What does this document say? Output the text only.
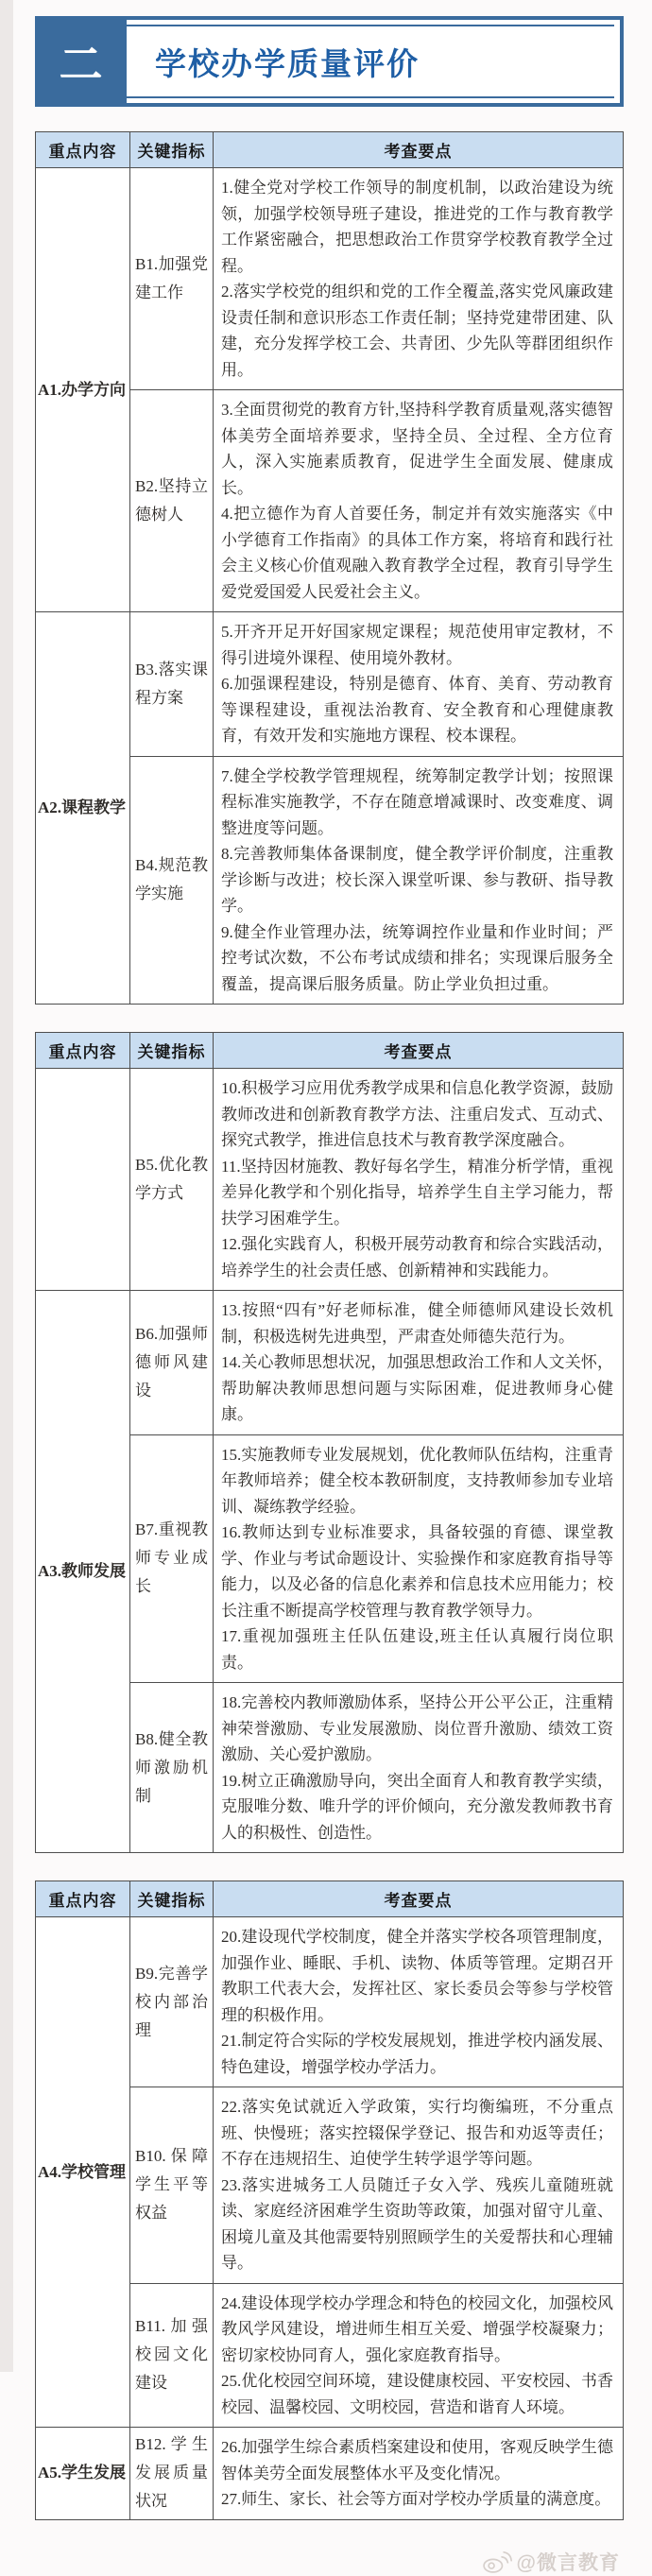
二 学校办学质量评价
重点内容	关键指标	考查要点
A1.办学方向	B1.加强党建工作	1.健全党对学校工作领导的制度机制，以政治建设为统领，加强学校领导班子建设，推进党的工作与教育教学工作紧密融合，把思想政治工作贯穿学校教育教学全过程。

2.落实学校党的组织和党的工作全覆盖,落实党风廉政建设责任制和意识形态工作责任制；坚持党建带团建、队建，充分发挥学校工会、共青团、少先队等群团组织作用。

	B2.坚持立德树人	3.全面贯彻党的教育方针,坚持科学教育质量观,落实德智体美劳全面培养要求，坚持全员、全过程、全方位育人，深入实施素质教育，促进学生全面发展、健康成长。

4.把立德作为育人首要任务，制定并有效实施落实《中小学德育工作指南》的具体工作方案，将培育和践行社会主义核心价值观融入教育教学全过程，教育引导学生爱党爱国爱人民爱社会主义。

A2.课程教学	B3.落实课程方案	5.开齐开足开好国家规定课程；规范使用审定教材，不得引进境外课程、使用境外教材。

6.加强课程建设，特别是德育、体育、美育、劳动教育等课程建设，重视法治教育、安全教育和心理健康教育，有效开发和实施地方课程、校本课程。

	B4.规范教学实施	7.健全学校教学管理规程，统筹制定教学计划；按照课程标准实施教学，不存在随意增减课时、改变难度、调整进度等问题。

8.完善教师集体备课制度，健全教学评价制度，注重教学诊断与改进；校长深入课堂听课、参与教研、指导教学。

9.健全作业管理办法，统筹调控作业量和作业时间；严控考试次数，不公布考试成绩和排名；实现课后服务全覆盖，提高课后服务质量。防止学业负担过重。

重点内容	关键指标	考查要点
	B5.优化教学方式	10.积极学习应用优秀教学成果和信息化教学资源，鼓励教师改进和创新教育教学方法、注重启发式、互动式、探究式教学，推进信息技术与教育教学深度融合。

11.坚持因材施教、教好每名学生，精准分析学情，重视差异化教学和个别化指导，培养学生自主学习能力，帮扶学习困难学生。

12.强化实践育人，积极开展劳动教育和综合实践活动，培养学生的社会责任感、创新精神和实践能力。

A3.教师发展	B6.加强师德师风建设	13.按照“四有”好老师标准，健全师德师风建设长效机制，积极选树先进典型，严肃查处师德失范行为。

14.关心教师思想状况，加强思想政治工作和人文关怀，帮助解决教师思想问题与实际困难，促进教师身心健康。

	B7.重视教师专业成长	15.实施教师专业发展规划，优化教师队伍结构，注重青年教师培养；健全校本教研制度，支持教师参加专业培训、凝练教学经验。

16.教师达到专业标准要求，具备较强的育德、课堂教学、作业与考试命题设计、实验操作和家庭教育指导等能力，以及必备的信息化素养和信息技术应用能力；校长注重不断提高学校管理与教育教学领导力。

17.重视加强班主任队伍建设,班主任认真履行岗位职责。

	B8.健全教师激励机制	18.完善校内教师激励体系，坚持公开公平公正，注重精神荣誉激励、专业发展激励、岗位晋升激励、绩效工资激励、关心爱护激励。

19.树立正确激励导向，突出全面育人和教育教学实绩，克服唯分数、唯升学的评价倾向，充分激发教师教书育人的积极性、创造性。

重点内容	关键指标	考查要点
A4.学校管理	B9.完善学校内部治理	20.建设现代学校制度，健全并落实学校各项管理制度，加强作业、睡眠、手机、读物、体质等管理。定期召开教职工代表大会，发挥社区、家长委员会等参与学校管理的积极作用。

21.制定符合实际的学校发展规划，推进学校内涵发展、特色建设，增强学校办学活力。

	B10.保障学生平等权益	22.落实免试就近入学政策，实行均衡编班，不分重点班、快慢班；落实控辍保学登记、报告和劝返等责任；不存在违规招生、迫使学生转学退学等问题。

23.落实进城务工人员随迁子女入学、残疾儿童随班就读、家庭经济困难学生资助等政策，加强对留守儿童、困境儿童及其他需要特别照顾学生的关爱帮扶和心理辅导。

	B11.加强校园文化建设	24.建设体现学校办学理念和特色的校园文化，加强校风教风学风建设，增进师生相互关爱、增强学校凝聚力；密切家校协同育人，强化家庭教育指导。

25.优化校园空间环境，建设健康校园、平安校园、书香校园、温馨校园、文明校园，营造和谐育人环境。

A5.学生发展	B12.学生发展质量状况	26.加强学生综合素质档案建设和使用，客观反映学生德智体美劳全面发展整体水平及变化情况。

27.师生、家长、社会等方面对学校办学质量的满意度。

@微言教育
